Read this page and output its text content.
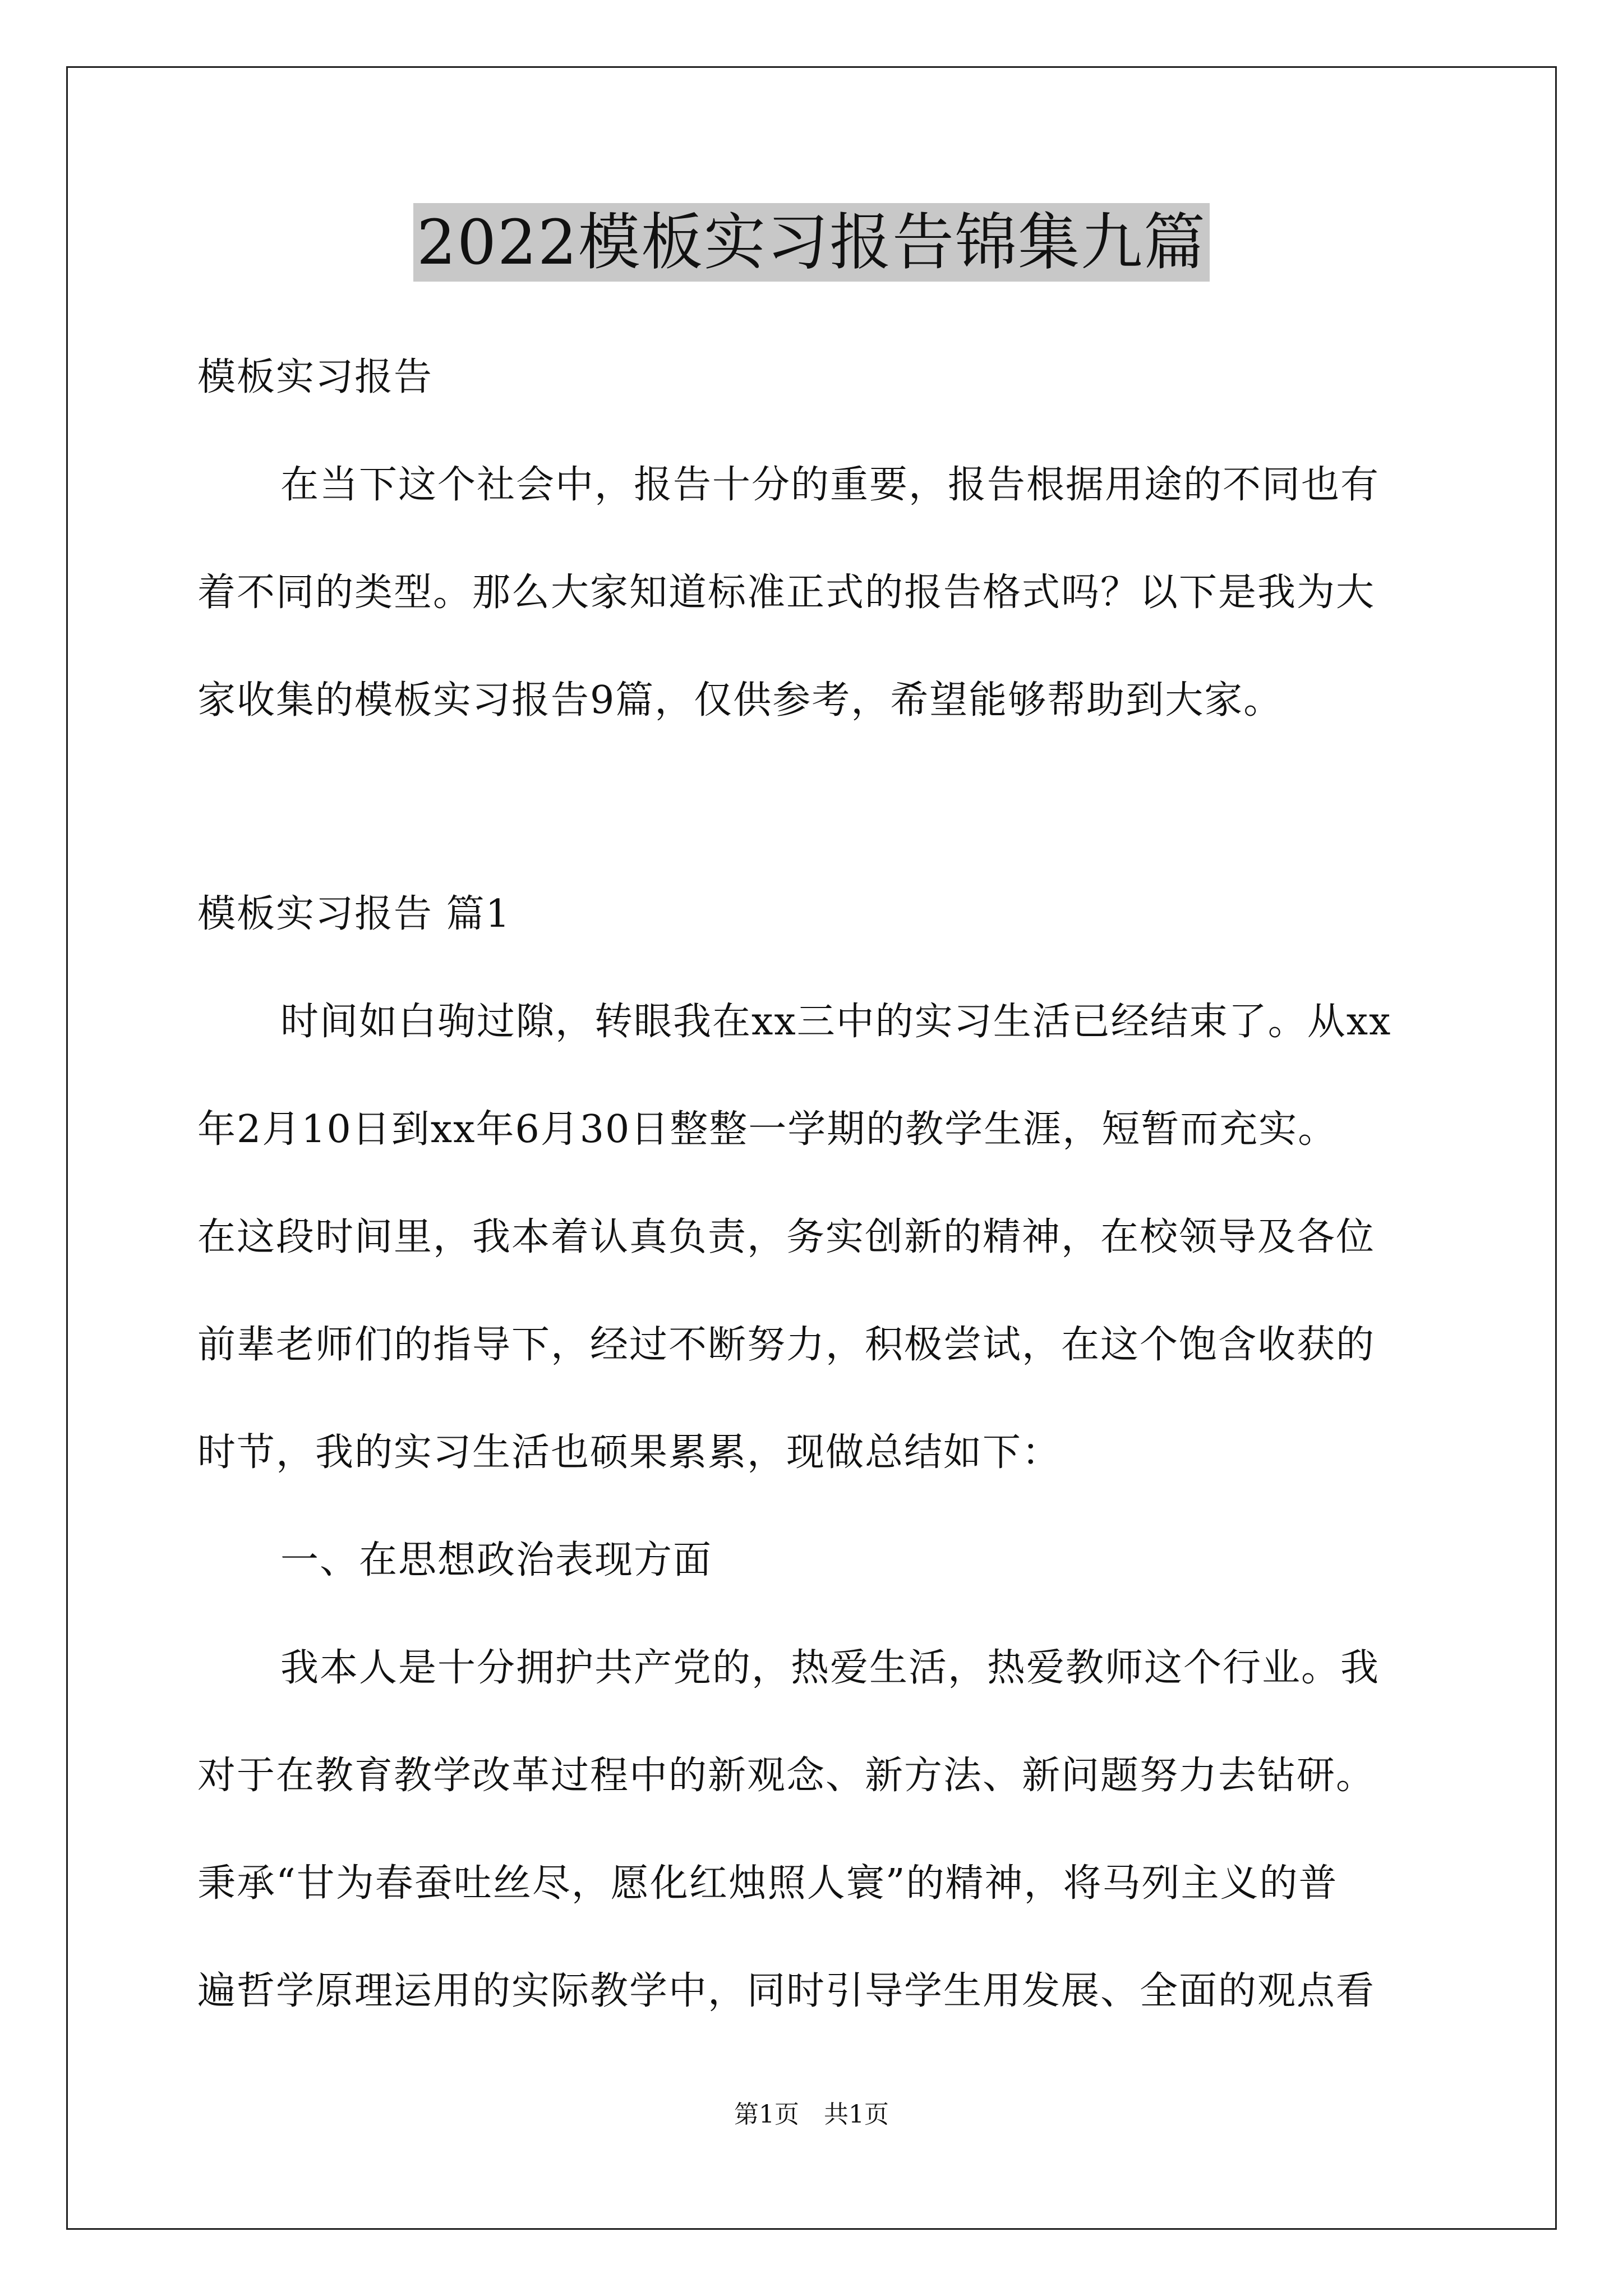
2022模板实习报告锦集九篇
模板实习报告
在当下这个社会中，报告十分的重要，报告根据用途的不同也有
着不同的类型。那么大家知道标准正式的报告格式吗？以下是我为大
家收集的模板实习报告9篇，仅供参考，希望能够帮助到大家。
模板实习报告 篇1
时间如白驹过隙，转眼我在xx三中的实习生活已经结束了。从xx
年2月10日到xx年6月30日整整一学期的教学生涯，短暂而充实。
在这段时间里，我本着认真负责，务实创新的精神，在校领导及各位
前辈老师们的指导下，经过不断努力，积极尝试，在这个饱含收获的
时节，我的实习生活也硕果累累，现做总结如下：
一、在思想政治表现方面
我本人是十分拥护共产党的，热爱生活，热爱教师这个行业。我
对于在教育教学改革过程中的新观念、新方法、新问题努力去钻研。
秉承“甘为春蚕吐丝尽，愿化红烛照人寰”的精神，将马列主义的普
遍哲学原理运用的实际教学中，同时引导学生用发展、全面的观点看
第1页　共1页
